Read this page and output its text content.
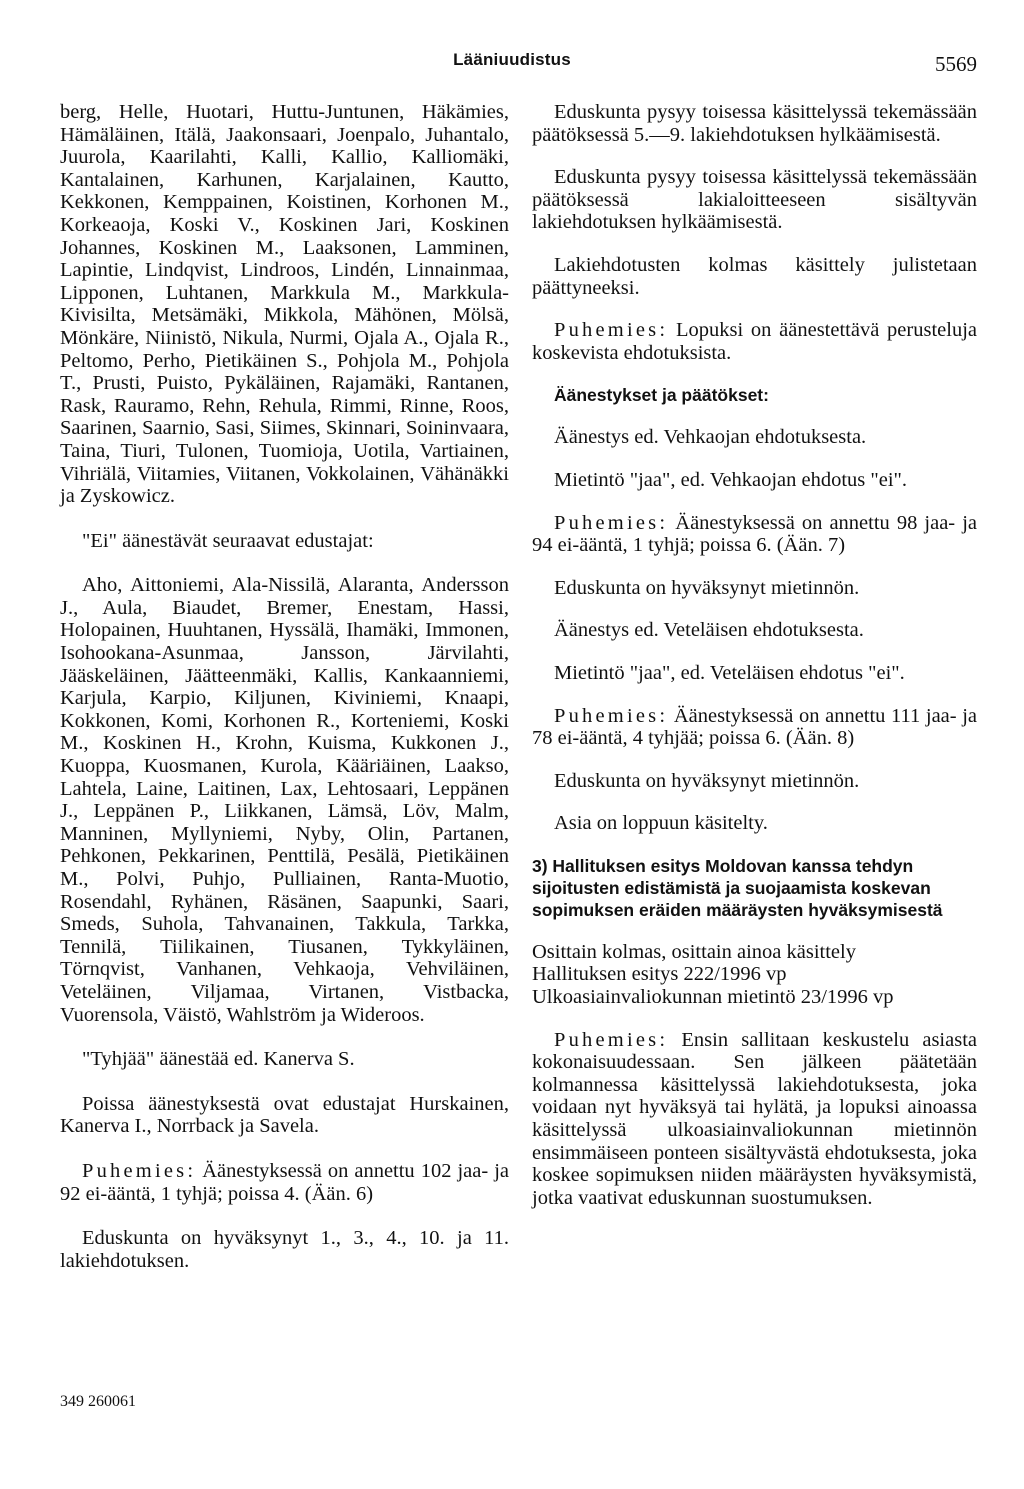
Lääniuudistus	5569

berg, Helle, Huotari, Huttu-Juntunen, Häkämies, Hämäläinen, Itälä, Jaakonsaari, Joenpalo, Juhantalo, Juurola, Kaarilahti, Kalli, Kallio, Kalliomäki, Kantalainen, Karhunen, Karjalainen, Kautto, Kekkonen, Kemppainen, Koistinen, Korhonen M., Korkeaoja, Koski V., Koskinen Jari, Koskinen Johannes, Koskinen M., Laaksonen, Lamminen, Lapintie, Lindqvist, Lindroos, Lindén, Linnainmaa, Lipponen, Luhtanen, Markkula M., Markkula-Kivisilta, Metsämäki, Mikkola, Mähönen, Mölsä, Mönkäre, Niinistö, Nikula, Nurmi, Ojala A., Ojala R., Peltomo, Perho, Pietikäinen S., Pohjola M., Pohjola T., Prusti, Puisto, Pykäläinen, Rajamäki, Rantanen, Rask, Rauramo, Rehn, Rehula, Rimmi, Rinne, Roos, Saarinen, Saarnio, Sasi, Siimes, Skinnari, Soininvaara, Taina, Tiuri, Tulonen, Tuomioja, Uotila, Vartiainen, Vihriälä, Viitamies, Viitanen, Vokkolainen, Vähänäkki ja Zyskowicz.

"Ei" äänestävät seuraavat edustajat:

Aho, Aittoniemi, Ala-Nissilä, Alaranta, Andersson J., Aula, Biaudet, Bremer, Enestam, Hassi, Holopainen, Huuhtanen, Hyssälä, Ihamäki, Immonen, Isohookana-Asunmaa, Jansson, Järvilahti, Jääskeläinen, Jäätteenmäki, Kallis, Kankaanniemi, Karjula, Karpio, Kiljunen, Kiviniemi, Knaapi, Kokkonen, Komi, Korhonen R., Korteniemi, Koski M., Koskinen H., Krohn, Kuisma, Kukkonen J., Kuoppa, Kuosmanen, Kurola, Kääriäinen, Laakso, Lahtela, Laine, Laitinen, Lax, Lehtosaari, Leppänen J., Leppänen P., Liikkanen, Lämsä, Löv, Malm, Manninen, Myllyniemi, Nyby, Olin, Partanen, Pehkonen, Pekkarinen, Penttilä, Pesälä, Pietikäinen M., Polvi, Puhjo, Pulliainen, Ranta-Muotio, Rosendahl, Ryhänen, Räsänen, Saapunki, Saari, Smeds, Suhola, Tahvanainen, Takkula, Tarkka, Tennilä, Tiilikainen, Tiusanen, Tykkyläinen, Törnqvist, Vanhanen, Vehkaoja, Vehviläinen, Veteläinen, Viljamaa, Virtanen, Vistbacka, Vuorensola, Väistö, Wahlström ja Wideroos.

"Tyhjää" äänestää ed. Kanerva S.

Poissa äänestyksestä ovat edustajat Hurskainen, Kanerva I., Norrback ja Savela.

Puhemies: Äänestyksessä on annettu 102 jaa- ja 92 ei-ääntä, 1 tyhjä; poissa 4. (Ään. 6)

Eduskunta on hyväksynyt 1., 3., 4., 10. ja 11. lakiehdotuksen.

Eduskunta pysyy toisessa käsittelyssä tekemässään päätöksessä 5.—9. lakiehdotuksen hylkäämisestä.

Eduskunta pysyy toisessa käsittelyssä tekemässään päätöksessä lakialoitteeseen sisältyvän lakiehdotuksen hylkäämisestä.

Lakiehdotusten kolmas käsittely julistetaan päättyneeksi.

Puhemies: Lopuksi on äänestettävä perusteluja koskevista ehdotuksista.

Äänestykset ja päätökset:

Äänestys ed. Vehkaojan ehdotuksesta.

Mietintö "jaa", ed. Vehkaojan ehdotus "ei".

Puhemies: Äänestyksessä on annettu 98 jaa- ja 94 ei-ääntä, 1 tyhjä; poissa 6. (Ään. 7)

Eduskunta on hyväksynyt mietinnön.

Äänestys ed. Veteläisen ehdotuksesta.

Mietintö "jaa", ed. Veteläisen ehdotus "ei".

Puhemies: Äänestyksessä on annettu 111 jaa- ja 78 ei-ääntä, 4 tyhjää; poissa 6. (Ään. 8)

Eduskunta on hyväksynyt mietinnön.

Asia on loppuun käsitelty.

3) Hallituksen esitys Moldovan kanssa tehdyn sijoitusten edistämistä ja suojaamista koskevan sopimuksen eräiden määräysten hyväksymisestä

Osittain kolmas, osittain ainoa käsittely
Hallituksen esitys 222/1996 vp
Ulkoasiainvaliokunnan mietintö 23/1996 vp

Puhemies: Ensin sallitaan keskustelu asiasta kokonaisuudessaan. Sen jälkeen päätetään kolmannessa käsittelyssä lakiehdotuksesta, joka voidaan nyt hyväksyä tai hylätä, ja lopuksi ainoassa käsittelyssä ulkoasiainvaliokunnan mietinnön ensimmäiseen ponteen sisältyvästä ehdotuksesta, joka koskee sopimuksen niiden määräysten hyväksymistä, jotka vaativat eduskunnan suostumuksen.

349 260061
